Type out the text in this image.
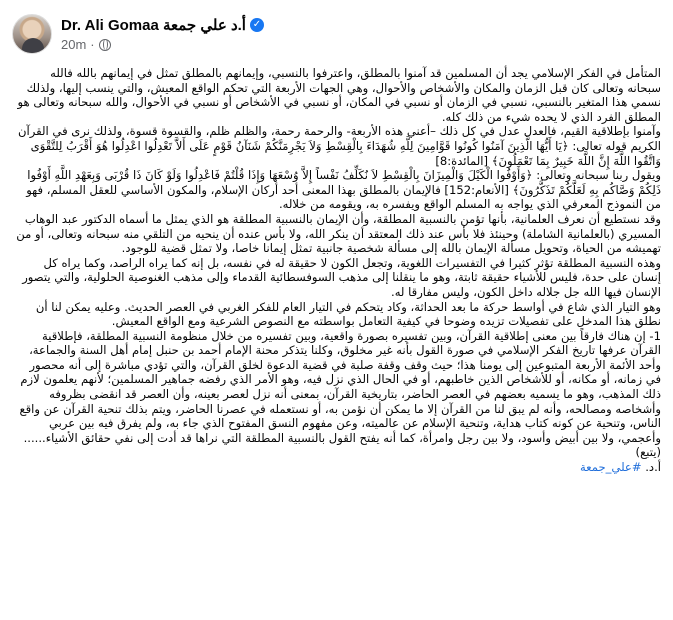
Dr. Ali Gomaa أ.د علي جمعة ✓
20m ·

المتأمل في الفكر الإسلامي يجد أن المسلمين قد آمنوا بالمطلق، واعترفوا بالنسبي، وإيمانهم بالمطلق تمثل في إيمانهم بالله فالله سبحانه وتعالى كان قبل الزمان والمكان والأشخاص والأحوال، وهي الجهات الأربعة التي تحكم الواقع المعيش، والتي ينسب إليها، ولذلك نسمي هذا المتغير بالنسبي، نسبي في الزمان أو نسبي في المكان، أو نسبي في الأشخاص أو نسبي في الأحوال، والله سبحانه وتعالى هو المطلق الفرد الذي لا يحده شيء من ذلك كله.

وآمنوا بإطلاقية القيم، فالعدل عدل في كل ذلك –أعني هذه الأربعة- والرحمة رحمة، والظلم ظلم، والقسوة قسوة، ولذلك نرى في القرآن الكريم قوله تعالى: ﴿يَا أَيُّهَا الَّذِينَ آمَنُوا كُونُوا قَوَّامِينَ لِلَّهِ شُهَدَاءَ بِالْقِسْطِ وَلاَ يَجْرِمَنَّكُمْ شَنَآنُ قَوْمٍ عَلَى أَلاَّ تَعْدِلُوا اعْدِلُوا هُوَ أَقْرَبُ لِلتَّقْوَى وَاتَّقُوا اللَّهَ إِنَّ اللَّهَ خَبِيرٌ بِمَا تَعْمَلُونَ﴾ [المائدة:8]

ويقول ربنا سبحانه وتعالى: ﴿وَأَوْفُوا الْكَيْلَ وَالْمِيزَانَ بِالْقِسْطِ لاَ نُكَلِّفُ نَفْساً إِلاَّ وُسْعَهَا وَإِذَا قُلْتُمْ فَاعْدِلُوا وَلَوْ كَانَ ذَا قُرْبَى وَبِعَهْدِ اللَّهِ أَوْفُوا ذَلِكُمْ وَصَّاكُم بِهِ لَعَلَّكُمْ تَذَكَّرُونَ﴾ [الأنعام:152] فالإيمان بالمطلق بهذا المعنى أحد أركان الإسلام، والمكون الأساسي للعقل المسلم، فهو من النموذج المعرفي الذي يواجه به المسلم الواقع ويفسره به، ويقومه من خلاله.

وقد نستطيع أن نعرف العلمانية، بأنها تؤمن بالنسبية المطلقة، وأن الإيمان بالنسبية المطلقة هو الذي يمثل ما أسماه الدكتور عبد الوهاب المسيري (بالعلمانية الشاملة) وحينئذ فلا بأس عند ذلك المعتقد أن ينكر الله، ولا بأس عنده أن ينحيه من التلقي منه سبحانه وتعالى، أو من تهميشه من الحياة، وتحويل مسألة الإيمان بالله إلى مسألة شخصية جانبية تمثل إيمانا خاصا، ولا تمثل قضية للوجود.

وهذه النسبية المطلقة تؤثر كثيرا في التفسيرات اللغوية، وتجعل الكون لا حقيقة له في نفسه، بل إنه كما يراه الراصد، وكما يراه كل إنسان على حدة، فليس للأشياء حقيقة ثابتة، وهو ما ينقلنا إلى مذهب السوفسطائية القدماء وإلى مذهب الغنوصية الحلولية، والتي يتصور الإنسان فيها الله جل جلاله داخل الكون، وليس مفارقا له.

وهو التيار الذي شاع في أواسط حركة ما بعد الحداثة، وكاد يتحكم في التيار العام للفكر الغربي في العصر الحديث. وعليه يمكن لنا أن نطلق هذا المدخل على تفصيلات تزيده وضوحا في كيفية التعامل بواسطته مع النصوص الشرعية ومع الواقع المعيش.

1- إن هناك فارقاً بين معنى إطلاقية القرآن، وبين تفسيره بصورة واقعية، وبين تفسيره من خلال منظومة النسبية المطلقة، فإطلاقية القرآن عرفها تاريخ الفكر الإسلامي في صورة القول بأنه غير مخلوق، وكلنا يتذكر محنة الإمام أحمد بن حنبل إمام أهل السنة والجماعة، وأحد الأئمة الأربعة المتبوعين إلى يومنا هذا؛ حيث وقف وقفة صلبة في قضية الدعوة لخلق القرآن، والتي تؤدي مباشرة إلى أنه محصور في زمانه، أو مكانه، أو للأشخاص الذين خاطبهم، أو في الحال الذي نزل فيه، وهو الأمر الذي رفضه جماهير المسلمين؛ لأنهم يعلمون لازم ذلك المذهب، وهو ما يسميه بعضهم في العصر الحاضر، بتاريخية القرآن، بمعنى أنه نزل لعصر بعينه، وأن العصر قد انقضى بظروفه وأشخاصه ومصالحه، وأنه لم يبق لنا من القرآن إلا ما يمكن أن نؤمن به، أو نستعمله في عصرنا الحاضر، ويتم بذلك تنحية القرآن عن واقع الناس، وتنحية عن كونه كتاب هداية، وتنحية الإسلام عن عالميته، وعن مفهوم النسق المفتوح الذي جاء به، ولم يفرق فيه بين عربي وأعجمي، ولا بين أبيض وأسود، ولا بين رجل وامرأة، كما أنه يفتح القول بالنسبية المطلقة التي نراها قد أدت إلى نفي حقائق الأشياء......(يتبع)

أ.د. #علي_جمعة
